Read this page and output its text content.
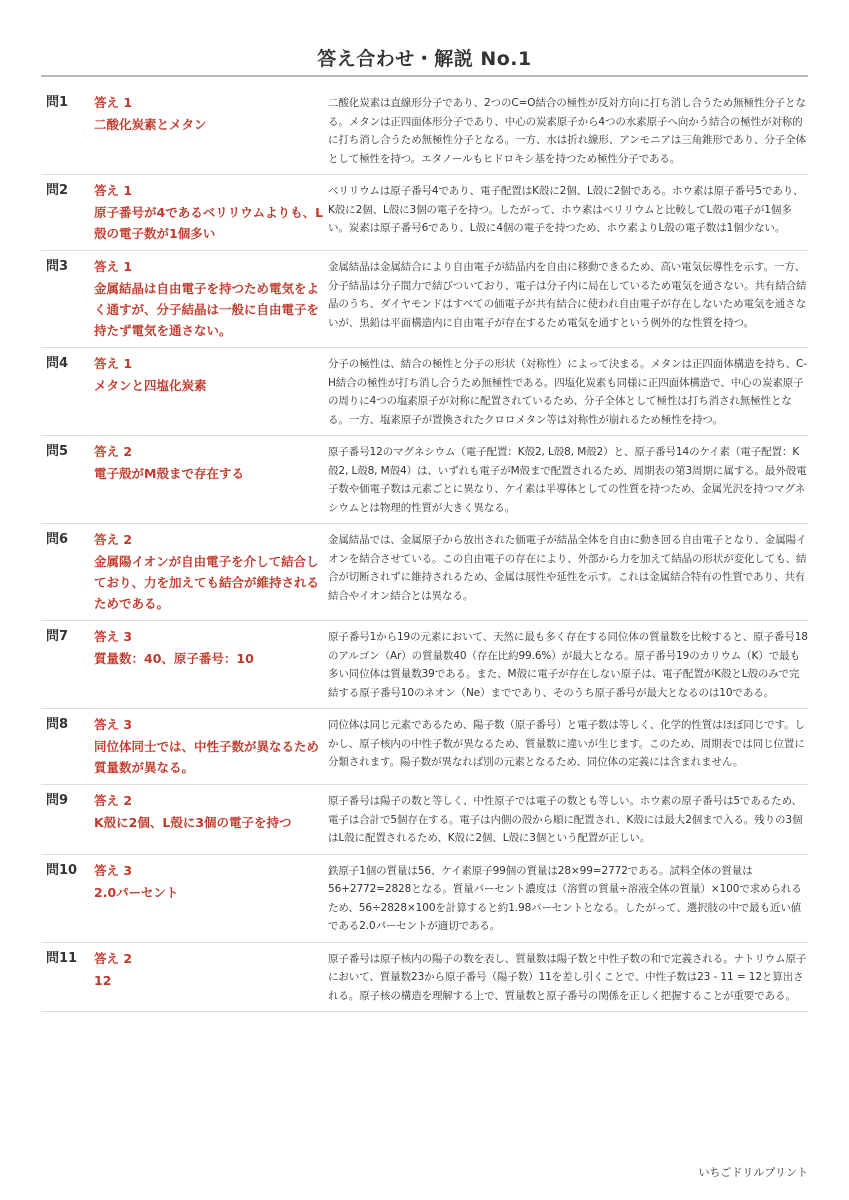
答え合わせ・解説 No.1
問1	答え 1
二酸化炭素とメタン
二酸化炭素は直線形分子であり、2つのC=O結合の極性が反対方向に打ち消し合うため無極性分子となる。メタンは正四面体形分子であり、中心の炭素原子から4つの水素原子へ向かう結合の極性が対称的に打ち消し合うため無極性分子となる。一方、水は折れ線形、アンモニアは三角錐形であり、分子全体として極性を持つ。エタノールもヒドロキシ基を持つため極性分子である。
問2	答え 1
原子番号が4であるベリリウムよりも、L殻の電子数が1個多い
ベリリウムは原子番号4であり、電子配置はK殻に2個、L殻に2個である。ホウ素は原子番号5であり、K殻に2個、L殻に3個の電子を持つ。したがって、ホウ素はベリリウムと比較してL殻の電子が1個多い。炭素は原子番号6であり、L殻に4個の電子を持つため、ホウ素よりL殻の電子数は1個少ない。
問3	答え 1
金属結晶は自由電子を持つため電気をよく通すが、分子結晶は一般に自由電子を持たず電気を通さない。
金属結晶は金属結合により自由電子が結晶内を自由に移動できるため、高い電気伝導性を示す。一方、分子結晶は分子間力で結びついており、電子は分子内に局在しているため電気を通さない。共有結合結晶のうち、ダイヤモンドはすべての価電子が共有結合に使われ自由電子が存在しないため電気を通さないが、黒鉛は平面構造内に自由電子が存在するため電気を通すという例外的な性質を持つ。
問4	答え 1
メタンと四塩化炭素
分子の極性は、結合の極性と分子の形状（対称性）によって決まる。メタンは正四面体構造を持ち、C-H結合の極性が打ち消し合うため無極性である。四塩化炭素も同様に正四面体構造で、中心の炭素原子の周りに4つの塩素原子が対称に配置されているため、分子全体として極性は打ち消され無極性となる。一方、塩素原子が置換されたクロロメタン等は対称性が崩れるため極性を持つ。
問5	答え 2
電子殻がM殻まで存在する
原子番号12のマグネシウム（電子配置：K殻2, L殻8, M殻2）と、原子番号14のケイ素（電子配置：K殻2, L殻8, M殻4）は、いずれも電子がM殻まで配置されるため、周期表の第3周期に属する。最外殻電子数や価電子数は元素ごとに異なり、ケイ素は半導体としての性質を持つため、金属光沢を持つマグネシウムとは物理的性質が大きく異なる。
問6	答え 2
金属陽イオンが自由電子を介して結合しており、力を加えても結合が維持されるためである。
金属結晶では、金属原子から放出された価電子が結晶全体を自由に動き回る自由電子となり、金属陽イオンを結合させている。この自由電子の存在により、外部から力を加えて結晶の形状が変化しても、結合が切断されずに維持されるため、金属は展性や延性を示す。これは金属結合特有の性質であり、共有結合やイオン結合とは異なる。
問7	答え 3
質量数：40、原子番号：10
原子番号1から19の元素において、天然に最も多く存在する同位体の質量数を比較すると、原子番号18のアルゴン（Ar）の質量数40（存在比約99.6%）が最大となる。原子番号19のカリウム（K）で最も多い同位体は質量数39である。また、M殻に電子が存在しない原子は、電子配置がK殻とL殻のみで完結する原子番号10のネオン（Ne）までであり、そのうち原子番号が最大となるのは10である。
問8	答え 3
同位体同士では、中性子数が異なるため質量数が異なる。
同位体は同じ元素であるため、陽子数（原子番号）と電子数は等しく、化学的性質はほぼ同じです。しかし、原子核内の中性子数が異なるため、質量数に違いが生じます。このため、周期表では同じ位置に分類されます。陽子数が異なれば別の元素となるため、同位体の定義には含まれません。
問9	答え 2
K殻に2個、L殻に3個の電子を持つ
原子番号は陽子の数と等しく、中性原子では電子の数とも等しい。ホウ素の原子番号は5であるため、電子は合計で5個存在する。電子は内側の殻から順に配置され、K殻には最大2個まで入る。残りの3個はL殻に配置されるため、K殻に2個、L殻に3個という配置が正しい。
問10	答え 3
2.0パーセント
鉄原子1個の質量は56、ケイ素原子99個の質量は28×99=2772である。試料全体の質量は56+2772=2828となる。質量パーセント濃度は（溶質の質量÷溶液全体の質量）×100で求められるため、56÷2828×100を計算すると約1.98パーセントとなる。したがって、選択肢の中で最も近い値である2.0パーセントが適切である。
問11	答え 2
12
原子番号は原子核内の陽子の数を表し、質量数は陽子数と中性子数の和で定義される。ナトリウム原子において、質量数23から原子番号（陽子数）11を差し引くことで、中性子数は23 - 11 = 12と算出される。原子核の構造を理解する上で、質量数と原子番号の関係を正しく把握することが重要である。
いちごドリルプリント
